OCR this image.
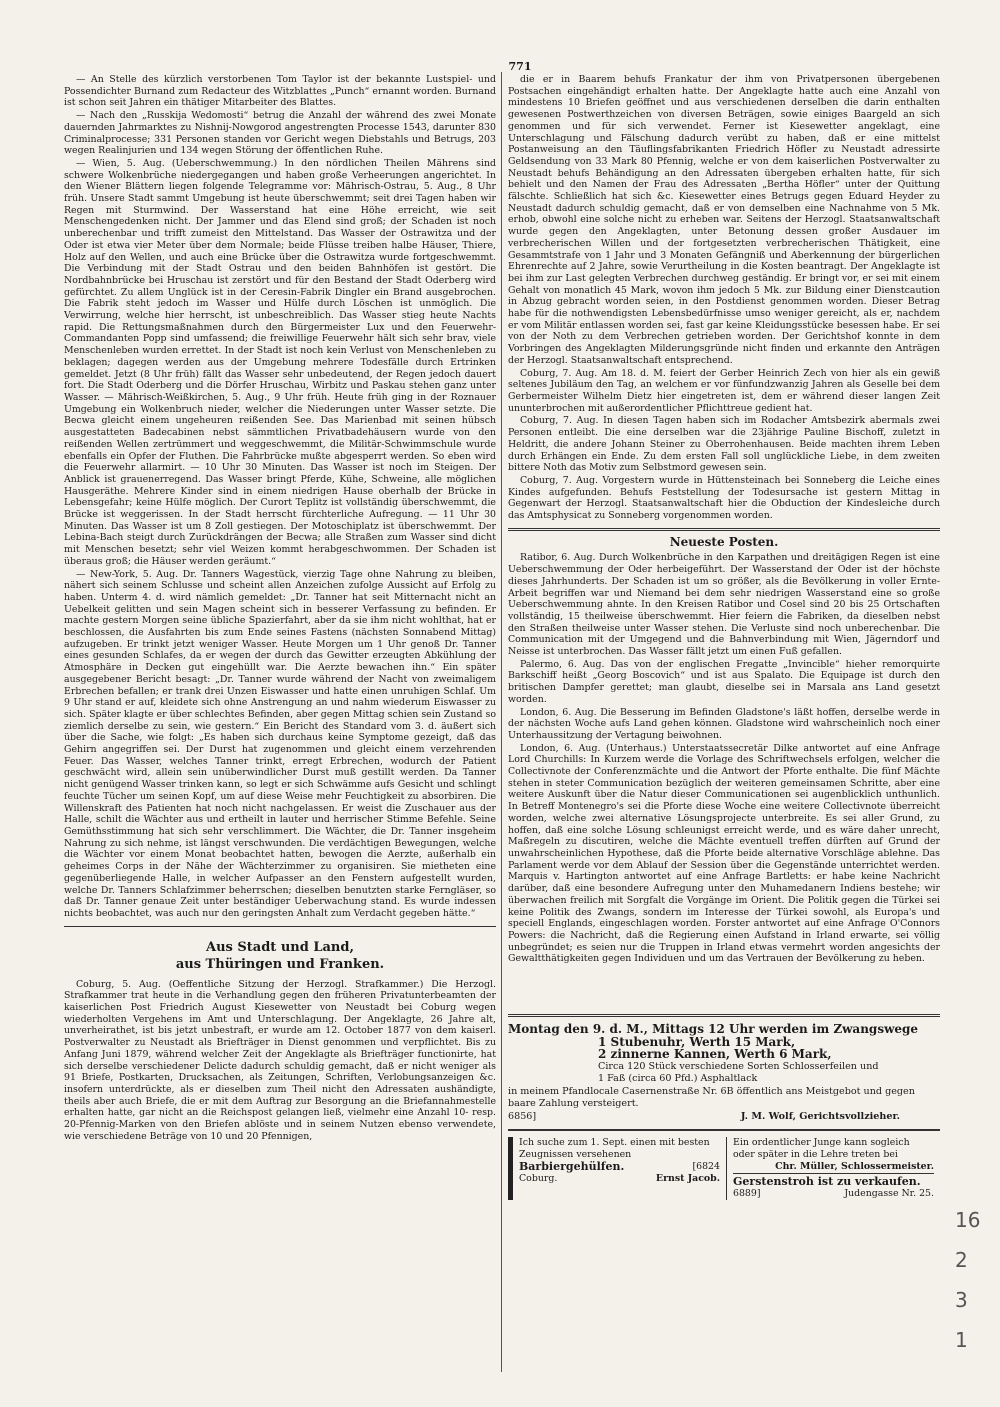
771

— An Stelle des kürzlich verstorbenen Tom Taylor ist der bekannte Lustspiel- und Possendichter Burnand zum Redacteur des Witzblattes „Punch“ ernannt worden. Burnand ist schon seit Jahren ein thätiger Mitarbeiter des Blattes.

— Nach den „Russkija Wedomosti“ betrug die Anzahl der während des zwei Monate dauernden Jahrmarktes zu Nishnij-Nowgorod angestrengten Processe 1543, darunter 830 Criminalprocesse; 331 Personen standen vor Gericht wegen Diebstahls und Betrugs, 203 wegen Realinjurien und 134 wegen Störung der öffentlichen Ruhe.

— Wien, 5. Aug. (Ueberschwemmung.) In den nördlichen Theilen Mährens sind schwere Wolkenbrüche niedergegangen und haben große Verheerungen angerichtet. In den Wiener Blättern liegen folgende Telegramme vor: Mährisch-Ostrau, 5. Aug., 8 Uhr früh. Unsere Stadt sammt Umgebung ist heute überschwemmt; seit drei Tagen haben wir Regen mit Sturmwind. Der Wasserstand hat eine Höhe erreicht, wie seit Menschengedenken nicht. Der Jammer und das Elend sind groß; der Schaden ist noch unberechenbar und trifft zumeist den Mittelstand. Das Wasser der Ostrawitza und der Oder ist etwa vier Meter über dem Normale; beide Flüsse treiben halbe Häuser, Thiere, Holz auf den Wellen, und auch eine Brücke über die Ostrawitza wurde fortgeschwemmt. Die Verbindung mit der Stadt Ostrau und den beiden Bahnhöfen ist gestört. Die Nordbahnbrücke bei Hruschau ist zerstört und für den Bestand der Stadt Oderberg wird gefürchtet. Zu allem Unglück ist in der Ceresin-Fabrik Dingler ein Brand ausgebrochen. Die Fabrik steht jedoch im Wasser und Hülfe durch Löschen ist unmöglich. Die Verwirrung, welche hier herrscht, ist unbeschreiblich. Das Wasser stieg heute Nachts rapid. Die Rettungsmaßnahmen durch den Bürgermeister Lux und den Feuerwehr-Commandanten Popp sind umfassend; die freiwillige Feuerwehr hält sich sehr brav, viele Menschenleben wurden errettet. In der Stadt ist noch kein Verlust von Menschenleben zu beklagen; dagegen werden aus der Umgebung mehrere Todesfälle durch Ertrinken gemeldet. Jetzt (8 Uhr früh) fällt das Wasser sehr unbedeutend, der Regen jedoch dauert fort. Die Stadt Oderberg und die Dörfer Hruschau, Wirbitz und Paskau stehen ganz unter Wasser. — Mährisch-Weißkirchen, 5. Aug., 9 Uhr früh. Heute früh ging in der Roznauer Umgebung ein Wolkenbruch nieder, welcher die Niederungen unter Wasser setzte. Die Becwa gleicht einem ungeheuren reißenden See. Das Marienbad mit seinen hübsch ausgestatteten Badecabinen nebst sämmtlichen Privatbadehäusern wurde von den reißenden Wellen zertrümmert und weggeschwemmt, die Militär-Schwimmschule wurde ebenfalls ein Opfer der Fluthen. Die Fahrbrücke mußte abgesperrt werden. So eben wird die Feuerwehr allarmirt. — 10 Uhr 30 Minuten. Das Wasser ist noch im Steigen. Der Anblick ist grauenerregend. Das Wasser bringt Pferde, Kühe, Schweine, alle möglichen Hausgeräthe. Mehrere Kinder sind in einem niedrigen Hause oberhalb der Brücke in Lebensgefahr; keine Hülfe möglich. Der Curort Teplitz ist vollständig überschwemmt, die Brücke ist weggerissen. In der Stadt herrscht fürchterliche Aufregung. — 11 Uhr 30 Minuten. Das Wasser ist um 8 Zoll gestiegen. Der Motoschiplatz ist überschwemmt. Der Lebina-Bach steigt durch Zurückdrängen der Becwa; alle Straßen zum Wasser sind dicht mit Menschen besetzt; sehr viel Weizen kommt herabgeschwommen. Der Schaden ist überaus groß; die Häuser werden geräumt.“

— New-York, 5. Aug. Dr. Tanners Wagestück, vierzig Tage ohne Nahrung zu bleiben, nähert sich seinem Schlusse und scheint allen Anzeichen zufolge Aussicht auf Erfolg zu haben. Unterm 4. d. wird nämlich gemeldet: „Dr. Tanner hat seit Mitternacht nicht an Uebelkeit gelitten und sein Magen scheint sich in besserer Verfassung zu befinden. Er machte gestern Morgen seine übliche Spazierfahrt, aber da sie ihm nicht wohlthat, hat er beschlossen, die Ausfahrten bis zum Ende seines Fastens (nächsten Sonnabend Mittag) aufzugeben. Er trinkt jetzt weniger Wasser. Heute Morgen um 1 Uhr genoß Dr. Tanner eines gesunden Schlafes, da er wegen der durch das Gewitter erzeugten Abkühlung der Atmosphäre in Decken gut eingehüllt war. Die Aerzte bewachen ihn.“ Ein später ausgegebener Bericht besagt: „Dr. Tanner wurde während der Nacht von zweimaligem Erbrechen befallen; er trank drei Unzen Eiswasser und hatte einen unruhigen Schlaf. Um 9 Uhr stand er auf, kleidete sich ohne Anstrengung an und nahm wiederum Eiswasser zu sich. Später klagte er über schlechtes Befinden, aber gegen Mittag schien sein Zustand so ziemlich derselbe zu sein, wie gestern.“ Ein Bericht des Standard vom 3. d. äußert sich über die Sache, wie folgt: „Es haben sich durchaus keine Symptome gezeigt, daß das Gehirn angegriffen sei. Der Durst hat zugenommen und gleicht einem verzehrenden Feuer. Das Wasser, welches Tanner trinkt, erregt Erbrechen, wodurch der Patient geschwächt wird, allein sein unüberwindlicher Durst muß gestillt werden. Da Tanner nicht genügend Wasser trinken kann, so legt er sich Schwämme aufs Gesicht und schlingt feuchte Tücher um seinen Kopf, um auf diese Weise mehr Feuchtigkeit zu absorbiren. Die Willenskraft des Patienten hat noch nicht nachgelassen. Er weist die Zuschauer aus der Halle, schilt die Wächter aus und ertheilt in lauter und herrischer Stimme Befehle. Seine Gemüthsstimmung hat sich sehr verschlimmert. Die Wächter, die Dr. Tanner insgeheim Nahrung zu sich nehme, ist längst verschwunden. Die verdächtigen Bewegungen, welche die Wächter vor einem Monat beobachtet hatten, bewogen die Aerzte, außerhalb ein geheimes Corps in der Nähe der Wächterzimmer zu organisiren. Sie mietheten eine gegenüberliegende Halle, in welcher Aufpasser an den Fenstern aufgestellt wurden, welche Dr. Tanners Schlafzimmer beherrschen; dieselben benutzten starke Ferngläser, so daß Dr. Tanner genaue Zeit unter beständiger Ueberwachung stand. Es wurde indessen nichts beobachtet, was auch nur den geringsten Anhalt zum Verdacht gegeben hätte.“

Aus Stadt und Land,
aus Thüringen und Franken.

Coburg, 5. Aug. (Oeffentliche Sitzung der Herzogl. Strafkammer.) Die Herzogl. Strafkammer trat heute in die Verhandlung gegen den früheren Privatunterbeamten der kaiserlichen Post Friedrich August Kiesewetter von Neustadt bei Coburg wegen wiederholten Vergehens im Amt und Unterschlagung. Der Angeklagte, 26 Jahre alt, unverheirathet, ist bis jetzt unbestraft, er wurde am 12. October 1877 von dem kaiserl. Postverwalter zu Neustadt als Briefträger in Dienst genommen und verpflichtet. Bis zu Anfang Juni 1879, während welcher Zeit der Angeklagte als Briefträger functionirte, hat sich derselbe verschiedener Delicte dadurch schuldig gemacht, daß er nicht weniger als 91 Briefe, Postkarten, Drucksachen, als Zeitungen, Schriften, Verlobungsanzeigen &c. insofern unterdrückte, als er dieselben zum Theil nicht den Adressaten aushändigte, theils aber auch Briefe, die er mit dem Auftrag zur Besorgung an die Briefannahmestelle erhalten hatte, gar nicht an die Reichspost gelangen ließ, vielmehr eine Anzahl 10- resp. 20-Pfennig-Marken von den Briefen ablöste und in seinem Nutzen ebenso verwendete, wie verschiedene Beträge von 10 und 20 Pfennigen,

die er in Baarem behufs Frankatur der ihm von Privatpersonen übergebenen Postsachen eingehändigt erhalten hatte. Der Angeklagte hatte auch eine Anzahl von mindestens 10 Briefen geöffnet und aus verschiedenen derselben die darin enthalten gewesenen Postwerthzeichen von diversen Beträgen, sowie einiges Baargeld an sich genommen und für sich verwendet. Ferner ist Kiesewetter angeklagt, eine Unterschlagung und Fälschung dadurch verübt zu haben, daß er eine mittelst Postanweisung an den Täuflingsfabrikanten Friedrich Höfler zu Neustadt adressirte Geldsendung von 33 Mark 80 Pfennig, welche er von dem kaiserlichen Postverwalter zu Neustadt behufs Behändigung an den Adressaten übergeben erhalten hatte, für sich behielt und den Namen der Frau des Adressaten „Bertha Höfler“ unter der Quittung fälschte. Schließlich hat sich &c. Kiesewetter eines Betrugs gegen Eduard Heyder zu Neustadt dadurch schuldig gemacht, daß er von demselben eine Nachnahme von 5 Mk. erhob, obwohl eine solche nicht zu erheben war. Seitens der Herzogl. Staatsanwaltschaft wurde gegen den Angeklagten, unter Betonung dessen großer Ausdauer im verbrecherischen Willen und der fortgesetzten verbrecherischen Thätigkeit, eine Gesammtstrafe von 1 Jahr und 3 Monaten Gefängniß und Aberkennung der bürgerlichen Ehrenrechte auf 2 Jahre, sowie Verurtheilung in die Kosten beantragt. Der Angeklagte ist bei ihm zur Last gelegten Verbrechen durchweg geständig. Er bringt vor, er sei mit einem Gehalt von monatlich 45 Mark, wovon ihm jedoch 5 Mk. zur Bildung einer Dienstcaution in Abzug gebracht worden seien, in den Postdienst genommen worden. Dieser Betrag habe für die nothwendigsten Lebensbedürfnisse umso weniger gereicht, als er, nachdem er vom Militär entlassen worden sei, fast gar keine Kleidungsstücke besessen habe. Er sei von der Noth zu dem Verbrechen getrieben worden. Der Gerichtshof konnte in dem Vorbringen des Angeklagten Milderungsgründe nicht finden und erkannte den Anträgen der Herzogl. Staatsanwaltschaft entsprechend.

Coburg, 7. Aug. Am 18. d. M. feiert der Gerber Heinrich Zech von hier als ein gewiß seltenes Jubiläum den Tag, an welchem er vor fünfundzwanzig Jahren als Geselle bei dem Gerbermeister Wilhelm Dietz hier eingetreten ist, dem er während dieser langen Zeit ununterbrochen mit außerordentlicher Pflichttreue gedient hat.

Coburg, 7. Aug. In diesen Tagen haben sich im Rodacher Amtsbezirk abermals zwei Personen entleibt. Die eine derselben war die 23jährige Pauline Bischoff, zuletzt in Heldritt, die andere Johann Steiner zu Oberrohenhausen. Beide machten ihrem Leben durch Erhängen ein Ende. Zu dem ersten Fall soll unglückliche Liebe, in dem zweiten bittere Noth das Motiv zum Selbstmord gewesen sein.

Coburg, 7. Aug. Vorgestern wurde in Hüttensteinach bei Sonneberg die Leiche eines Kindes aufgefunden. Behufs Feststellung der Todesursache ist gestern Mittag in Gegenwart der Herzogl. Staatsanwaltschaft hier die Obduction der Kindesleiche durch das Amtsphysicat zu Sonneberg vorgenommen worden.

Neueste Posten.

Ratibor, 6. Aug. Durch Wolkenbrüche in den Karpathen und dreitägigen Regen ist eine Ueberschwemmung der Oder herbeigeführt. Der Wasserstand der Oder ist der höchste dieses Jahrhunderts. Der Schaden ist um so größer, als die Bevölkerung in voller Ernte-Arbeit begriffen war und Niemand bei dem sehr niedrigen Wasserstand eine so große Ueberschwemmung ahnte. In den Kreisen Ratibor und Cosel sind 20 bis 25 Ortschaften vollständig, 15 theilweise überschwemmt. Hier feiern die Fabriken, da dieselben nebst den Straßen theilweise unter Wasser stehen. Die Verluste sind noch unberechenbar. Die Communication mit der Umgegend und die Bahnverbindung mit Wien, Jägerndorf und Neisse ist unterbrochen. Das Wasser fällt jetzt um einen Fuß gefallen.

Palermo, 6. Aug. Das von der englischen Fregatte „Invincible“ hieher remorquirte Barkschiff heißt „Georg Boscovich“ und ist aus Spalato. Die Equipage ist durch den britischen Dampfer gerettet; man glaubt, dieselbe sei in Marsala ans Land gesetzt worden.

London, 6. Aug. Die Besserung im Befinden Gladstone's läßt hoffen, derselbe werde in der nächsten Woche aufs Land gehen können. Gladstone wird wahrscheinlich noch einer Unterhaussitzung der Vertagung beiwohnen.

London, 6. Aug. (Unterhaus.) Unterstaatssecretär Dilke antwortet auf eine Anfrage Lord Churchills: In Kurzem werde die Vorlage des Schriftwechsels erfolgen, welcher die Collectivnote der Conferenzmächte und die Antwort der Pforte enthalte. Die fünf Mächte stehen in steter Communication bezüglich der weiteren gemeinsamen Schritte, aber eine weitere Auskunft über die Natur dieser Communicationen sei augenblicklich unthunlich. In Betreff Montenegro's sei die Pforte diese Woche eine weitere Collectivnote überreicht worden, welche zwei alternative Lösungsprojecte unterbreite. Es sei aller Grund, zu hoffen, daß eine solche Lösung schleunigst erreicht werde, und es wäre daher unrecht, Maßregeln zu discutiren, welche die Mächte eventuell treffen dürften auf Grund der unwahrscheinlichen Hypothese, daß die Pforte beide alternative Vorschläge ablehne. Das Parlament werde vor dem Ablauf der Session über die Gegenstände unterrichtet werden. Marquis v. Hartington antwortet auf eine Anfrage Bartletts: er habe keine Nachricht darüber, daß eine besondere Aufregung unter den Muhamedanern Indiens bestehe; wir überwachen freilich mit Sorgfalt die Vorgänge im Orient. Die Politik gegen die Türkei sei keine Politik des Zwangs, sondern im Interesse der Türkei sowohl, als Europa's und speciell Englands, eingeschlagen worden. Forster antwortet auf eine Anfrage O'Connors Powers: die Nachricht, daß die Regierung einen Aufstand in Irland erwarte, sei völlig unbegründet; es seien nur die Truppen in Irland etwas vermehrt worden angesichts der Gewaltthätigkeiten gegen Individuen und um das Vertrauen der Bevölkerung zu heben.

Montag den 9. d. M., Mittags 12 Uhr werden im Zwangswege
1 Stubenuhr, Werth 15 Mark,
2 zinnerne Kannen, Werth 6 Mark,
Circa 120 Stück verschiedene Sorten Schlosserfeilen und
1 Faß (circa 60 Pfd.) Asphaltlack
in meinem Pfandlocale Casernenstraße Nr. 6B öffentlich ans Meistgebot und gegen baare Zahlung versteigert.
6856]	J. M. Wolf, Gerichtsvollzieher.
Ich suche zum 1. Sept. einen mit besten Zeugnissen versehenen
Barbiergehülfen.	[6824
Coburg.	Ernst Jacob.
Ein ordentlicher Junge kann sogleich oder später in die Lehre treten bei
Chr. Müller, Schlossermeister.
Gerstenstroh ist zu verkaufen.
6889]	Judengasse Nr. 25.
16
2
3
1
